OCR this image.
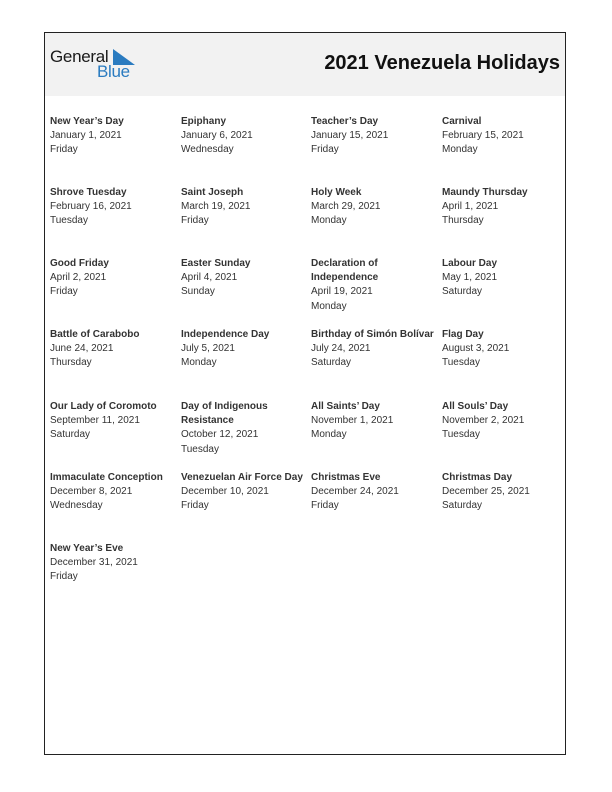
General
Blue	2021 Venezuela Holidays
New Year’s Day
January 1, 2021
Friday
Epiphany
January 6, 2021
Wednesday
Teacher’s Day
January 15, 2021
Friday
Carnival
February 15, 2021
Monday
Shrove Tuesday
February 16, 2021
Tuesday
Saint Joseph
March 19, 2021
Friday
Holy Week
March 29, 2021
Monday
Maundy Thursday
April 1, 2021
Thursday
Good Friday
April 2, 2021
Friday
Easter Sunday
April 4, 2021
Sunday
Declaration of Independence
April 19, 2021
Monday
Labour Day
May 1, 2021
Saturday
Battle of Carabobo
June 24, 2021
Thursday
Independence Day
July 5, 2021
Monday
Birthday of Simón Bolívar
July 24, 2021
Saturday
Flag Day
August 3, 2021
Tuesday
Our Lady of Coromoto
September 11, 2021
Saturday
Day of Indigenous Resistance
October 12, 2021
Tuesday
All Saints’ Day
November 1, 2021
Monday
All Souls’ Day
November 2, 2021
Tuesday
Immaculate Conception
December 8, 2021
Wednesday
Venezuelan Air Force Day
December 10, 2021
Friday
Christmas Eve
December 24, 2021
Friday
Christmas Day
December 25, 2021
Saturday
New Year’s Eve
December 31, 2021
Friday
